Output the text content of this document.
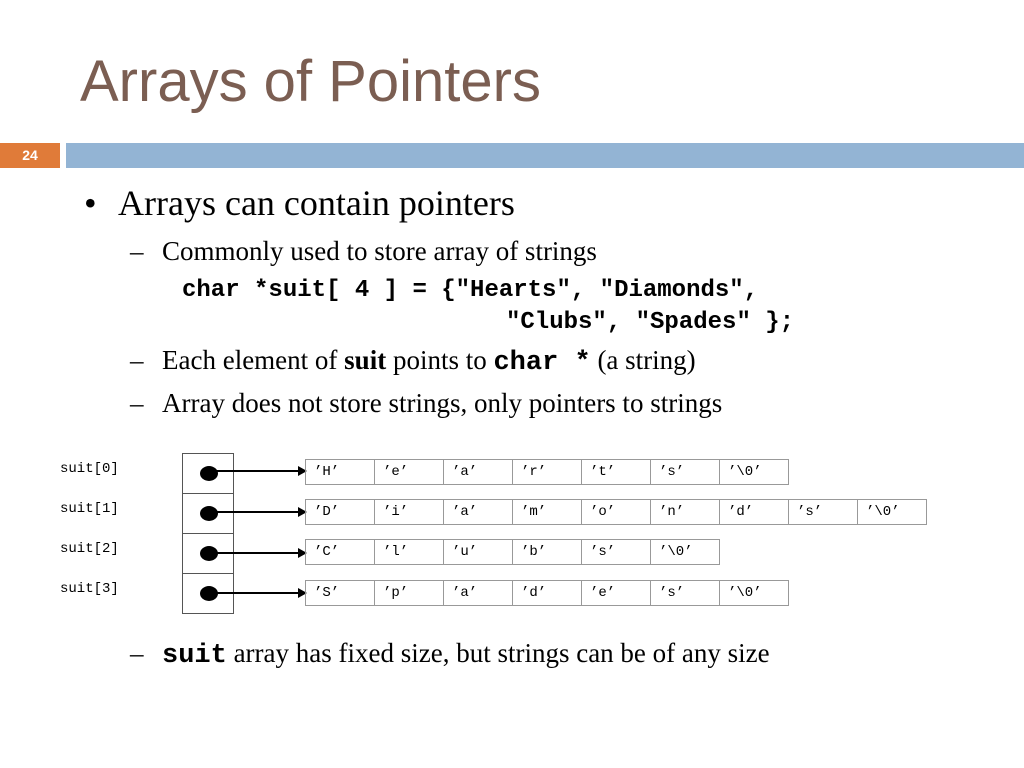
Arrays of Pointers
24
• Arrays can contain pointers
– Commonly used to store array of strings
char *suit[ 4 ] = {"Hearts", "Diamonds",
"Clubs", "Spades" };
– Each element of suit points to char * (a string)
– Array does not store strings, only pointers to strings
suit[0]
suit[1]
suit[2]
suit[3]
’H’	’e’	’a’	’r’	’t’	’s’	’\0’
’D’	’i’	’a’	’m’	’o’	’n’	’d’	’s’	’\0’
’C’	’l’	’u’	’b’	’s’	’\0’
’S’	’p’	’a’	’d’	’e’	’s’	’\0’
– suit array has fixed size, but strings can be of any size
